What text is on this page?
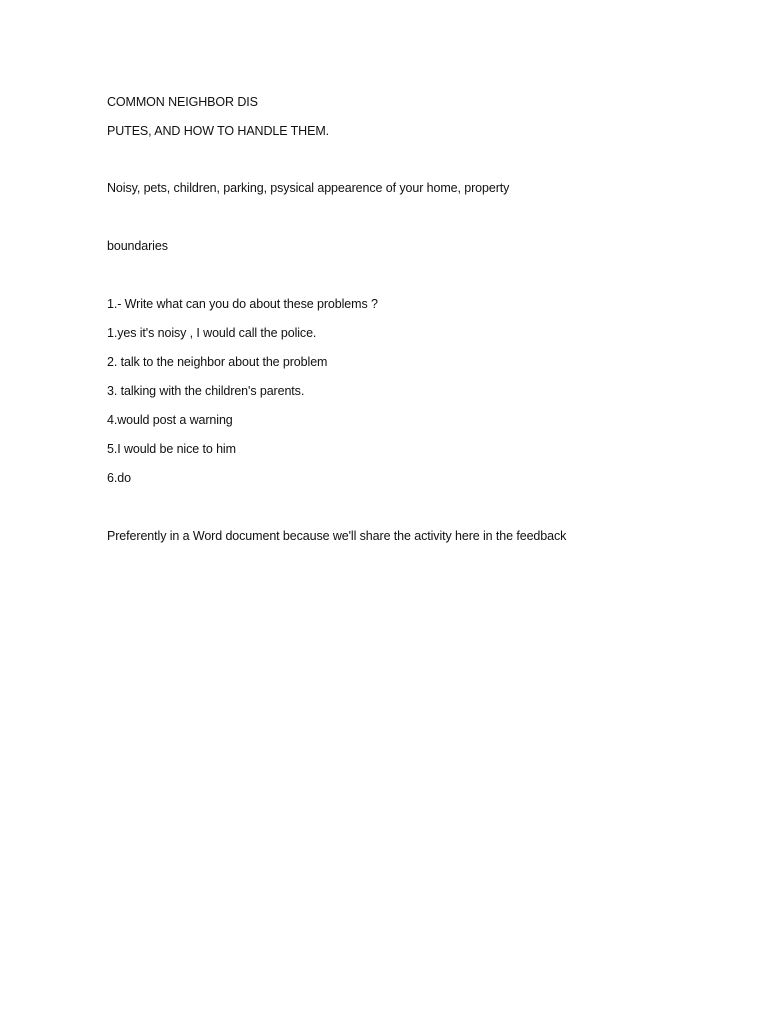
COMMON NEIGHBOR DIS
PUTES, AND HOW TO HANDLE THEM.
Noisy, pets, children, parking, psysical appearence of your home, property
boundaries
1.- Write what can you do about these problems ?
1.yes it's noisy , I would call the police.
2. talk to the neighbor about the problem
3. talking with the children's parents.
4.would post a warning
5.I would be nice to him
6.do
Preferently in a Word document because we'll share the activity here in the feedback
